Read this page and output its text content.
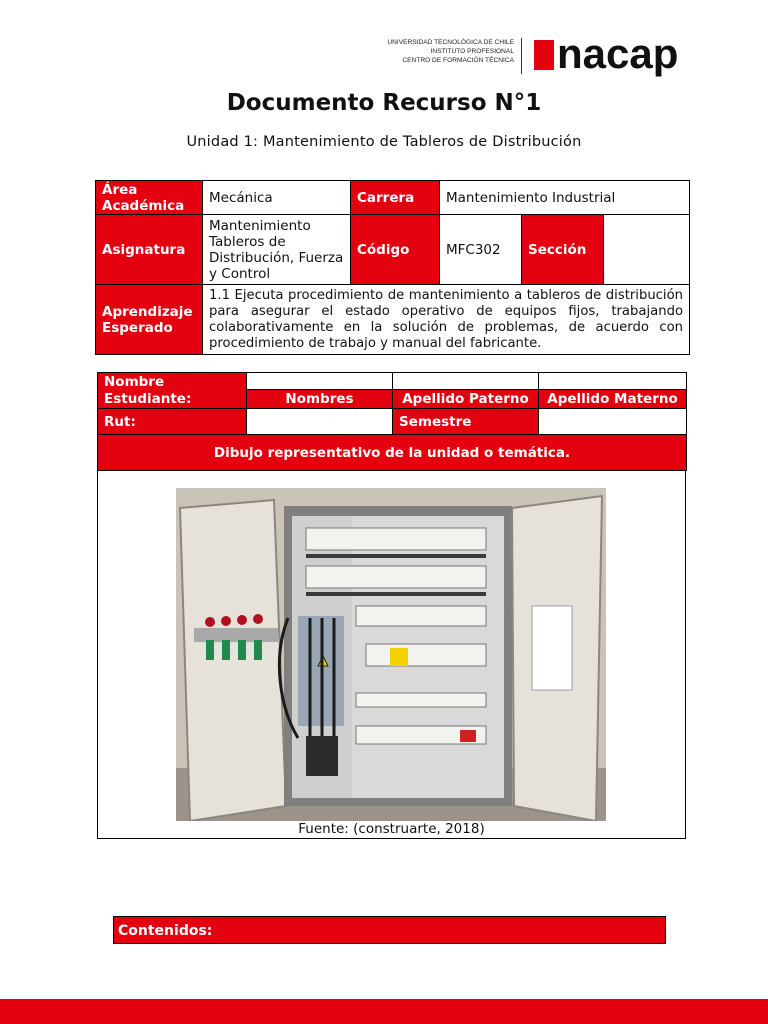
UNIVERSIDAD TECNOLÓGICA DE CHILE
INSTITUTO PROFESIONAL
CENTRO DE FORMACIÓN TÉCNICA nacap
Documento Recurso N°1
Unidad 1: Mantenimiento de Tableros de Distribución
Área Académica	Mecánica	Carrera	Mantenimiento Industrial		
Asignatura	Mantenimiento Tableros de Distribución, Fuerza y Control	Código	MFC302	Sección	
Aprendizaje Esperado	1.1 Ejecuta procedimiento de mantenimiento a tableros de distribución para asegurar el estado operativo de equipos fijos, trabajando colaborativamente en la solución de problemas, de acuerdo con procedimiento de trabajo y manual del fabricante.				
Nombre Estudiante:			
	Nombres	Apellido Paterno	Apellido Materno
Rut:		Semestre	
Dibujo representativo de la unidad o temática.			
Fuente: (construarte, 2018)
Contenidos:
